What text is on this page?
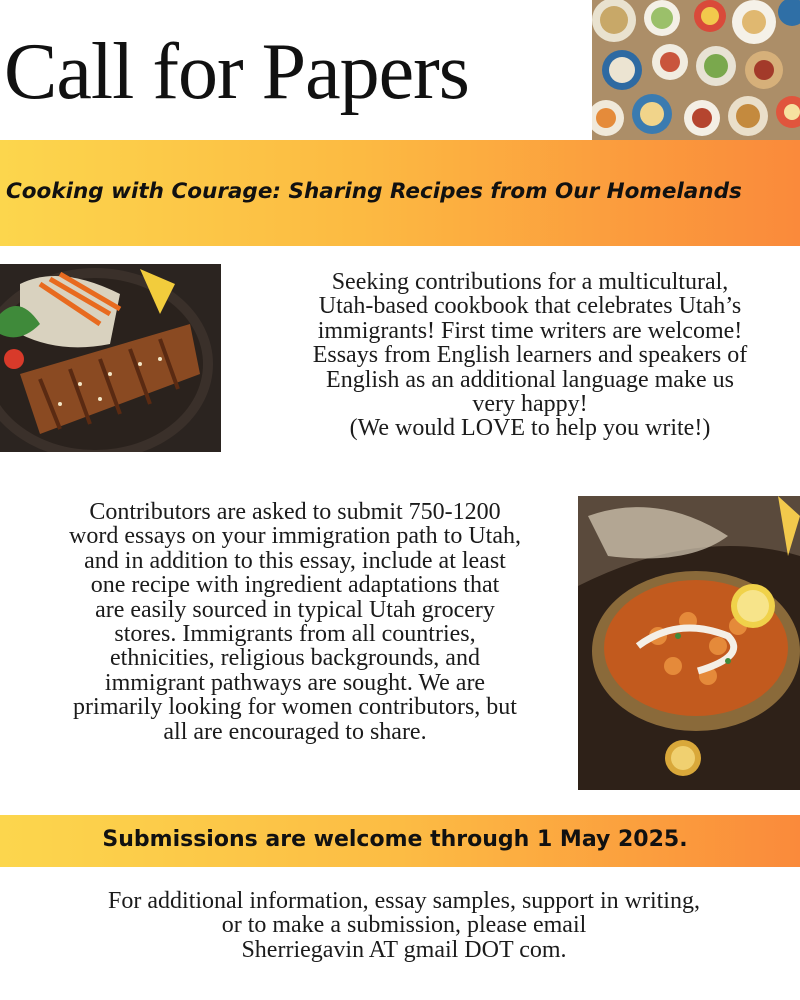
Call for Papers
Cooking with Courage: Sharing Recipes from Our Homelands

Seeking contributions for a multicultural,
Utah-based cookbook that celebrates Utah’s
immigrants! First time writers are welcome!
Essays from English learners and speakers of
English as an additional language make us
very happy!
(We would LOVE to help you write!)

Contributors are asked to submit 750-1200
word essays on your immigration path to Utah,
and in addition to this essay, include at least
one recipe with ingredient adaptations that
are easily sourced in typical Utah grocery
stores. Immigrants from all countries,
ethnicities, religious backgrounds, and
immigrant pathways are sought. We are
primarily looking for women contributors, but
all are encouraged to share.

Submissions are welcome through 1 May 2025.

For additional information, essay samples, support in writing,
or to make a submission, please email
Sherriegavin AT gmail DOT com.
